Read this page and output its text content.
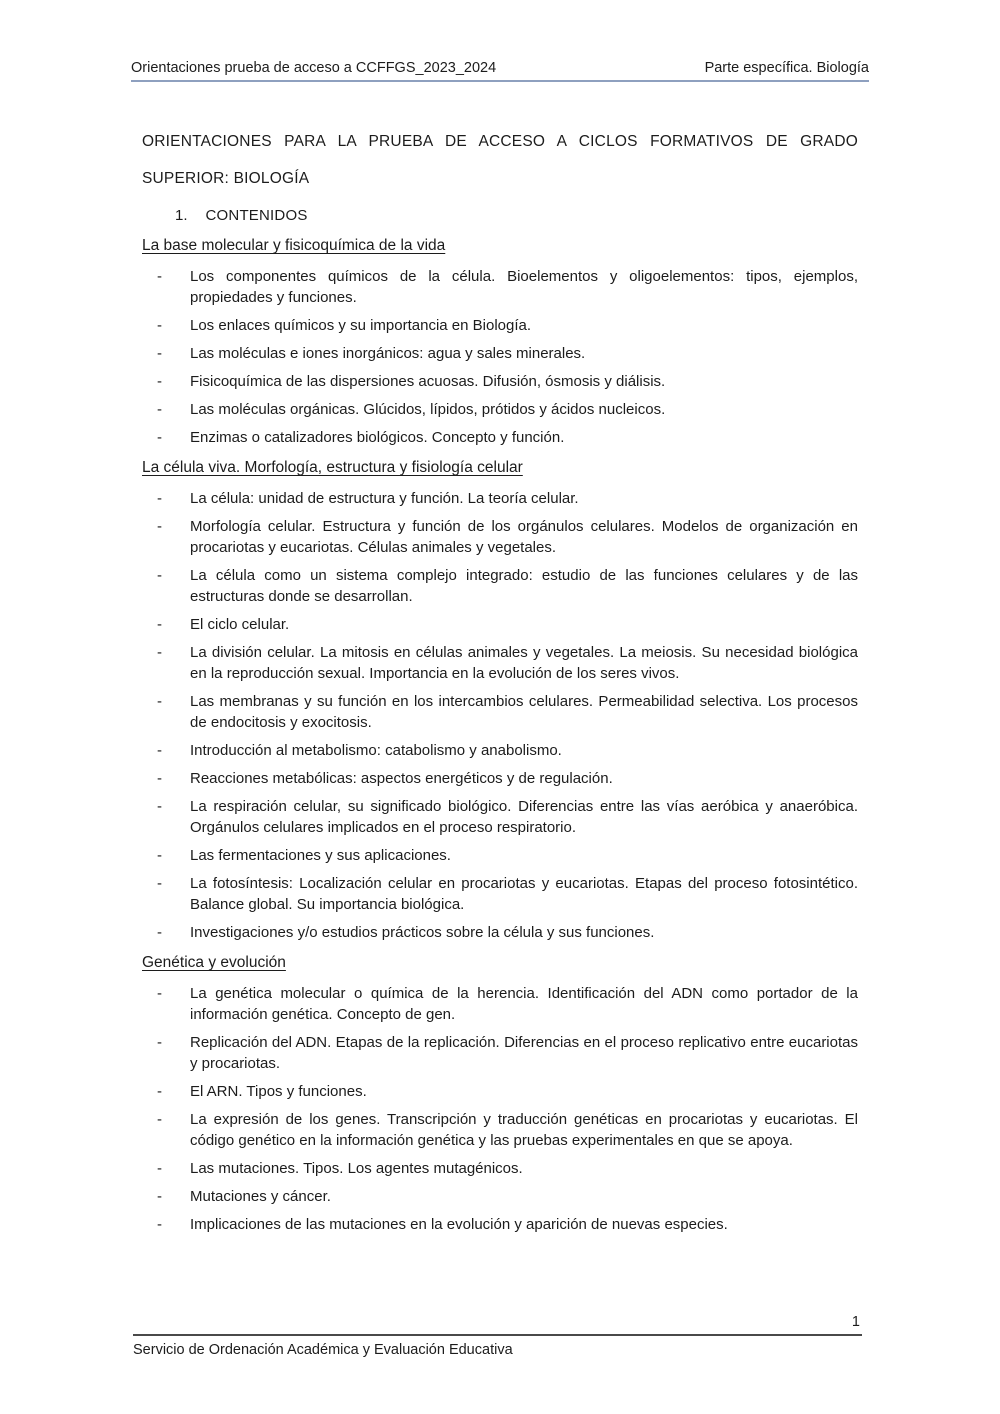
Orientaciones prueba de acceso a CCFFGS_2023_2024	Parte específica. Biología
ORIENTACIONES PARA LA PRUEBA DE ACCESO A CICLOS FORMATIVOS DE GRADO SUPERIOR: BIOLOGÍA
1. CONTENIDOS
La base molecular y fisicoquímica de la vida
-	Los componentes químicos de la célula. Bioelementos y oligoelementos: tipos, ejemplos, propiedades y funciones.
-	Los enlaces químicos y su importancia en Biología.
-	Las moléculas e iones inorgánicos: agua y sales minerales.
-	Fisicoquímica de las dispersiones acuosas. Difusión, ósmosis y diálisis.
-	Las moléculas orgánicas. Glúcidos, lípidos, prótidos y ácidos nucleicos.
-	Enzimas o catalizadores biológicos. Concepto y función.
La célula viva. Morfología, estructura y fisiología celular
-	La célula: unidad de estructura y función. La teoría celular.
-	Morfología celular. Estructura y función de los orgánulos celulares. Modelos de organización en procariotas y eucariotas. Células animales y vegetales.
-	La célula como un sistema complejo integrado: estudio de las funciones celulares y de las estructuras donde se desarrollan.
-	El ciclo celular.
-	La división celular. La mitosis en células animales y vegetales. La meiosis. Su necesidad biológica en la reproducción sexual. Importancia en la evolución de los seres vivos.
-	Las membranas y su función en los intercambios celulares. Permeabilidad selectiva. Los procesos de endocitosis y exocitosis.
-	Introducción al metabolismo: catabolismo y anabolismo.
-	Reacciones metabólicas: aspectos energéticos y de regulación.
-	La respiración celular, su significado biológico. Diferencias entre las vías aeróbica y anaeróbica. Orgánulos celulares implicados en el proceso respiratorio.
-	Las fermentaciones y sus aplicaciones.
-	La fotosíntesis: Localización celular en procariotas y eucariotas. Etapas del proceso fotosintético. Balance global. Su importancia biológica.
-	Investigaciones y/o estudios prácticos sobre la célula y sus funciones.
Genética y evolución
-	La genética molecular o química de la herencia. Identificación del ADN como portador de la información genética. Concepto de gen.
-	Replicación del ADN. Etapas de la replicación. Diferencias en el proceso replicativo entre eucariotas y procariotas.
-	El ARN. Tipos y funciones.
-	La expresión de los genes. Transcripción y traducción genéticas en procariotas y eucariotas. El código genético en la información genética y las pruebas experimentales en que se apoya.
-	Las mutaciones. Tipos. Los agentes mutagénicos.
-	Mutaciones y cáncer.
-	Implicaciones de las mutaciones en la evolución y aparición de nuevas especies.
1
Servicio de Ordenación Académica y Evaluación Educativa
